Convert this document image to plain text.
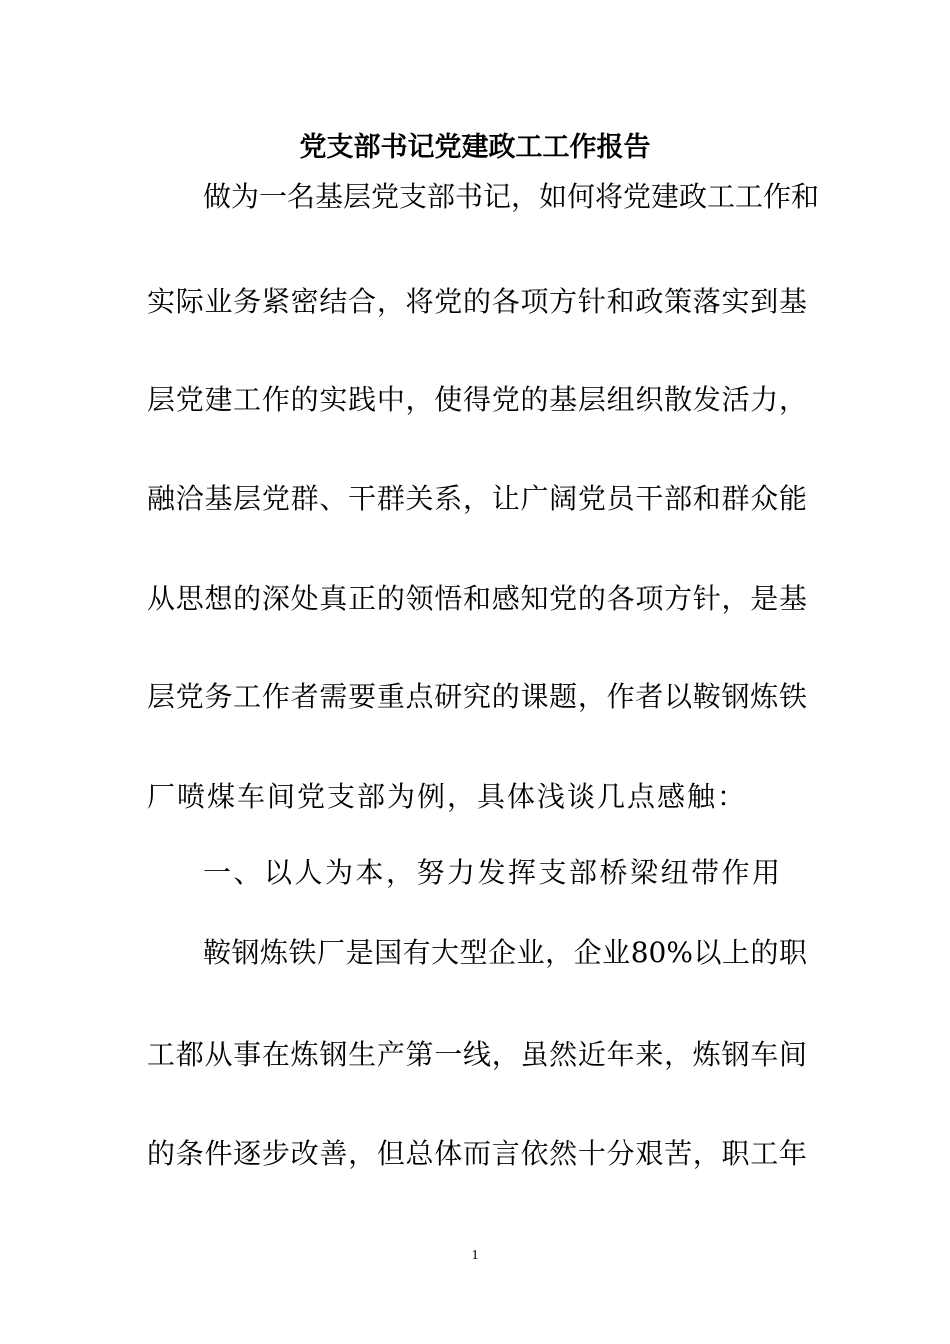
党支部书记党建政工工作报告
做为一名基层党支部书记，如何将党建政工工作和
实际业务紧密结合，将党的各项方针和政策落实到基
层党建工作的实践中，使得党的基层组织散发活力，
融洽基层党群、干群关系，让广阔党员干部和群众能
从思想的深处真正的领悟和感知党的各项方针，是基
层党务工作者需要重点研究的课题，作者以鞍钢炼铁
厂喷煤车间党支部为例，具体浅谈几点感触：
一、以人为本，努力发挥支部桥梁纽带作用
鞍钢炼铁厂是国有大型企业，企业80%以上的职
工都从事在炼钢生产第一线，虽然近年来，炼钢车间
的条件逐步改善，但总体而言依然十分艰苦，职工年
1
